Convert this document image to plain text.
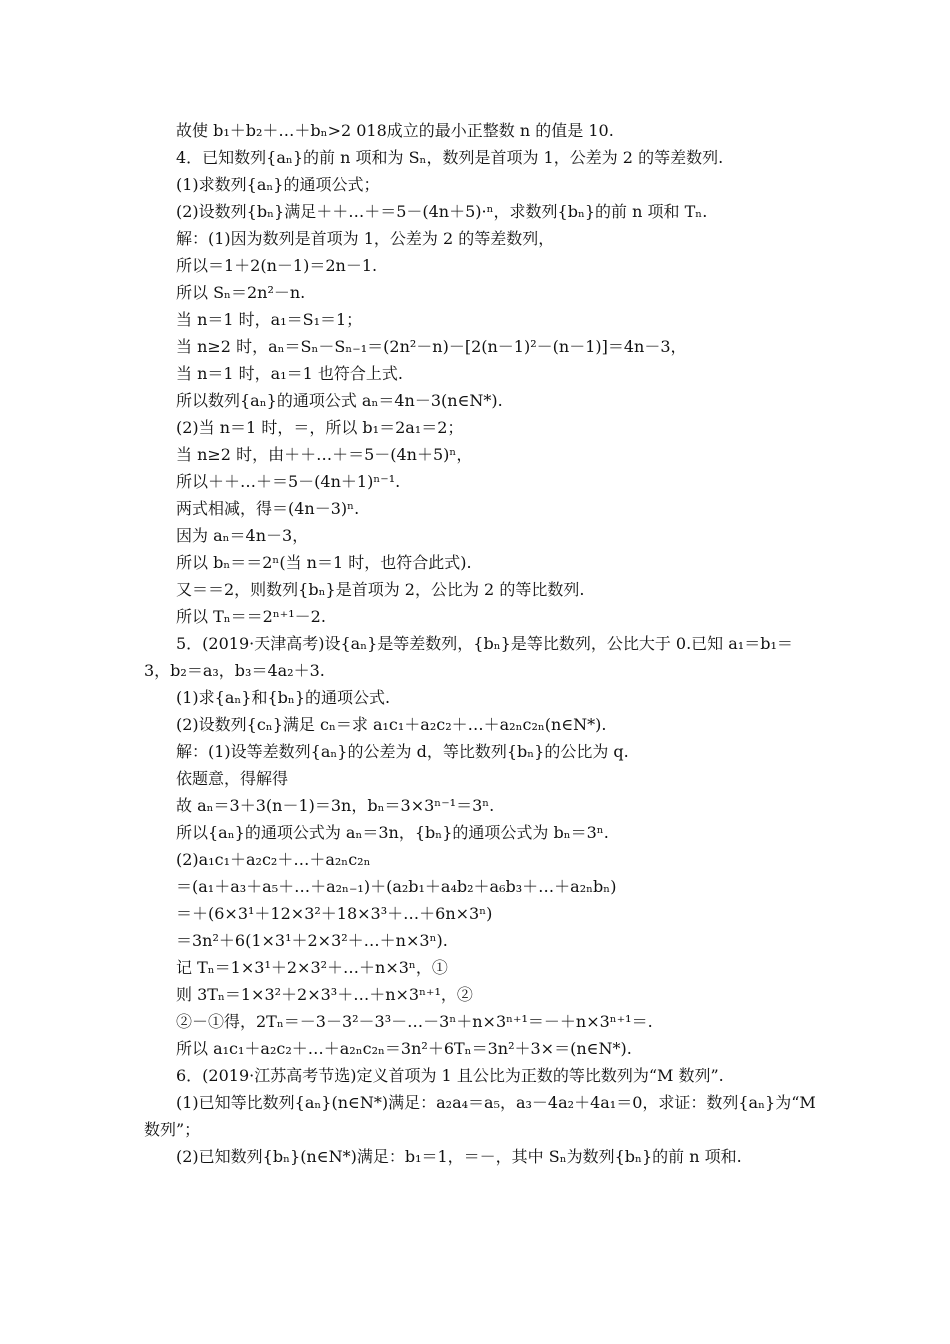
故使 b₁＋b₂＋…＋bₙ>2 018成立的最小正整数 n 的值是 10.
4．已知数列{aₙ}的前 n 项和为 Sₙ，数列是首项为 1，公差为 2 的等差数列.
(1)求数列{aₙ}的通项公式；
(2)设数列{bₙ}满足＋＋…＋＝5－(4n＋5)·ⁿ，求数列{bₙ}的前 n 项和 Tₙ.
解：(1)因为数列是首项为 1，公差为 2 的等差数列，
所以＝1＋2(n－1)＝2n－1.
所以 Sₙ＝2n²－n.
当 n＝1 时，a₁＝S₁＝1；
当 n≥2 时，aₙ＝Sₙ－Sₙ₋₁＝(2n²－n)－[2(n－1)²－(n－1)]＝4n－3，
当 n＝1 时，a₁＝1 也符合上式.
所以数列{aₙ}的通项公式 aₙ＝4n－3(n∈N*).
(2)当 n＝1 时，＝，所以 b₁＝2a₁＝2；
当 n≥2 时，由＋＋…＋＝5－(4n＋5)ⁿ，
所以＋＋…＋＝5－(4n＋1)ⁿ⁻¹.
两式相减，得＝(4n－3)ⁿ.
因为 aₙ＝4n－3，
所以 bₙ＝＝2ⁿ(当 n＝1 时，也符合此式).
又＝＝2，则数列{bₙ}是首项为 2，公比为 2 的等比数列.
所以 Tₙ＝＝2ⁿ⁺¹－2.
5．(2019·天津高考)设{aₙ}是等差数列，{bₙ}是等比数列，公比大于 0.已知 a₁＝b₁＝
3，b₂＝a₃，b₃＝4a₂＋3.
(1)求{aₙ}和{bₙ}的通项公式.
(2)设数列{cₙ}满足 cₙ＝求 a₁c₁＋a₂c₂＋…＋a₂ₙc₂ₙ(n∈N*).
解：(1)设等差数列{aₙ}的公差为 d，等比数列{bₙ}的公比为 q.
依题意，得解得
故 aₙ＝3＋3(n－1)＝3n，bₙ＝3×3ⁿ⁻¹＝3ⁿ.
所以{aₙ}的通项公式为 aₙ＝3n，{bₙ}的通项公式为 bₙ＝3ⁿ.
(2)a₁c₁＋a₂c₂＋…＋a₂ₙc₂ₙ
＝(a₁＋a₃＋a₅＋…＋a₂ₙ₋₁)＋(a₂b₁＋a₄b₂＋a₆b₃＋…＋a₂ₙbₙ)
＝＋(6×3¹＋12×3²＋18×3³＋…＋6n×3ⁿ)
＝3n²＋6(1×3¹＋2×3²＋…＋n×3ⁿ).
记 Tₙ＝1×3¹＋2×3²＋…＋n×3ⁿ，①
则 3Tₙ＝1×3²＋2×3³＋…＋n×3ⁿ⁺¹，②
②－①得，2Tₙ＝－3－3²－3³－…－3ⁿ＋n×3ⁿ⁺¹＝－＋n×3ⁿ⁺¹＝.
所以 a₁c₁＋a₂c₂＋…＋a₂ₙc₂ₙ＝3n²＋6Tₙ＝3n²＋3×＝(n∈N*).
6．(2019·江苏高考节选)定义首项为 1 且公比为正数的等比数列为“M 数列”.
(1)已知等比数列{aₙ}(n∈N*)满足：a₂a₄＝a₅，a₃－4a₂＋4a₁＝0，求证：数列{aₙ}为“M
数列”；
(2)已知数列{bₙ}(n∈N*)满足：b₁＝1，＝－，其中 Sₙ为数列{bₙ}的前 n 项和.
